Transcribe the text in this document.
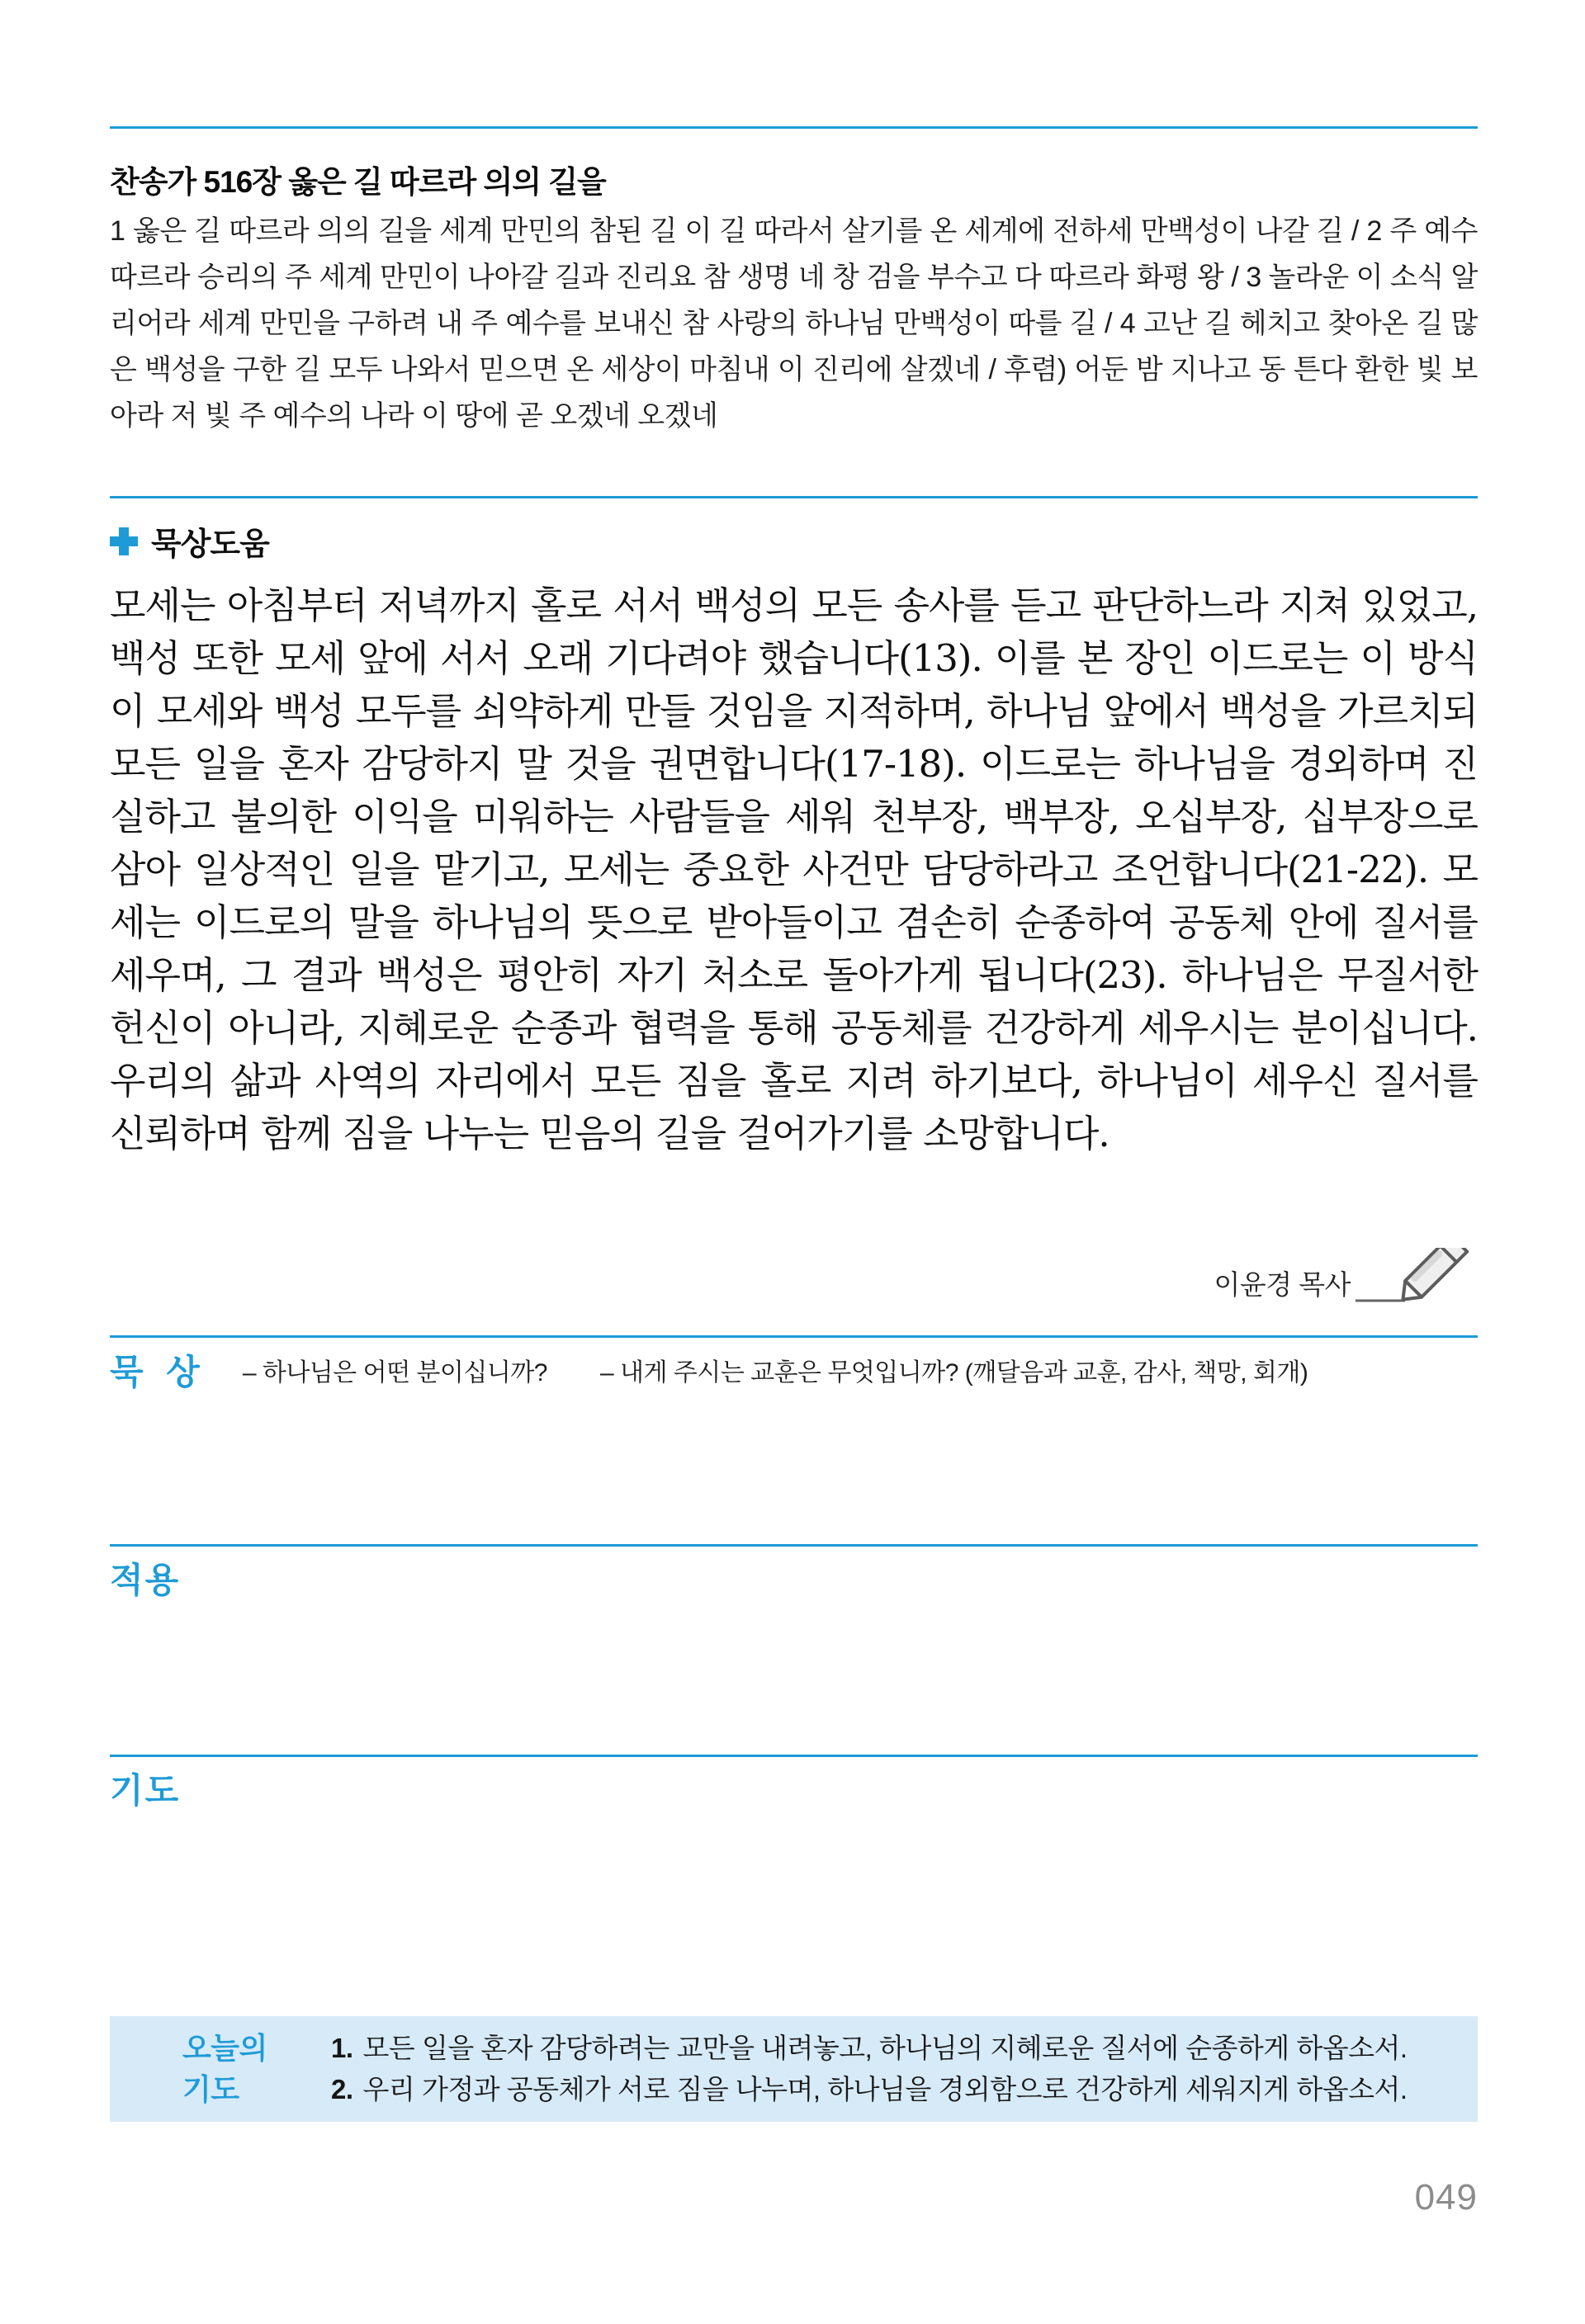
찬송가 516장 옳은 길 따르라 의의 길을
1 옳은 길 따르라 의의 길을 세계 만민의 참된 길 이 길 따라서 살기를 온 세계에 전하세 만백성이 나갈 길 / 2 주 예수 따르라 승리의 주 세계 만민이 나아갈 길과 진리요 참 생명 네 창 검을 부수고 다 따르라 화평 왕 / 3 놀라운 이 소식 알리어라 세계 만민을 구하려 내 주 예수를 보내신 참 사랑의 하나님 만백성이 따를 길 / 4 고난 길 헤치고 찾아온 길 많은 백성을 구한 길 모두 나와서 믿으면 온 세상이 마침내 이 진리에 살겠네 / 후렴) 어둔 밤 지나고 동 튼다 환한 빛 보아라 저 빛 주 예수의 나라 이 땅에 곧 오겠네 오겠네
묵상도움
모세는 아침부터 저녁까지 홀로 서서 백성의 모든 송사를 듣고 판단하느라 지쳐 있었고, 백성 또한 모세 앞에 서서 오래 기다려야 했습니다(13). 이를 본 장인 이드로는 이 방식이 모세와 백성 모두를 쇠약하게 만들 것임을 지적하며, 하나님 앞에서 백성을 가르치되 모든 일을 혼자 감당하지 말 것을 권면합니다(17-18). 이드로는 하나님을 경외하며 진실하고 불의한 이익을 미워하는 사람들을 세워 천부장, 백부장, 오십부장, 십부장으로 삼아 일상적인 일을 맡기고, 모세는 중요한 사건만 담당하라고 조언합니다(21-22). 모세는 이드로의 말을 하나님의 뜻으로 받아들이고 겸손히 순종하여 공동체 안에 질서를 세우며, 그 결과 백성은 평안히 자기 처소로 돌아가게 됩니다(23). 하나님은 무질서한 헌신이 아니라, 지혜로운 순종과 협력을 통해 공동체를 건강하게 세우시는 분이십니다. 우리의 삶과 사역의 자리에서 모든 짐을 홀로 지려 하기보다, 하나님이 세우신 질서를 신뢰하며 함께 짐을 나누는 믿음의 길을 걸어가기를 소망합니다.
이윤경 목사
묵 상 – 하나님은 어떤 분이십니까? – 내게 주시는 교훈은 무엇입니까? (깨달음과 교훈, 감사, 책망, 회개)
적용
기도
오늘의
기도
1. 모든 일을 혼자 감당하려는 교만을 내려놓고, 하나님의 지혜로운 질서에 순종하게 하옵소서.
2. 우리 가정과 공동체가 서로 짐을 나누며, 하나님을 경외함으로 건강하게 세워지게 하옵소서.
049
